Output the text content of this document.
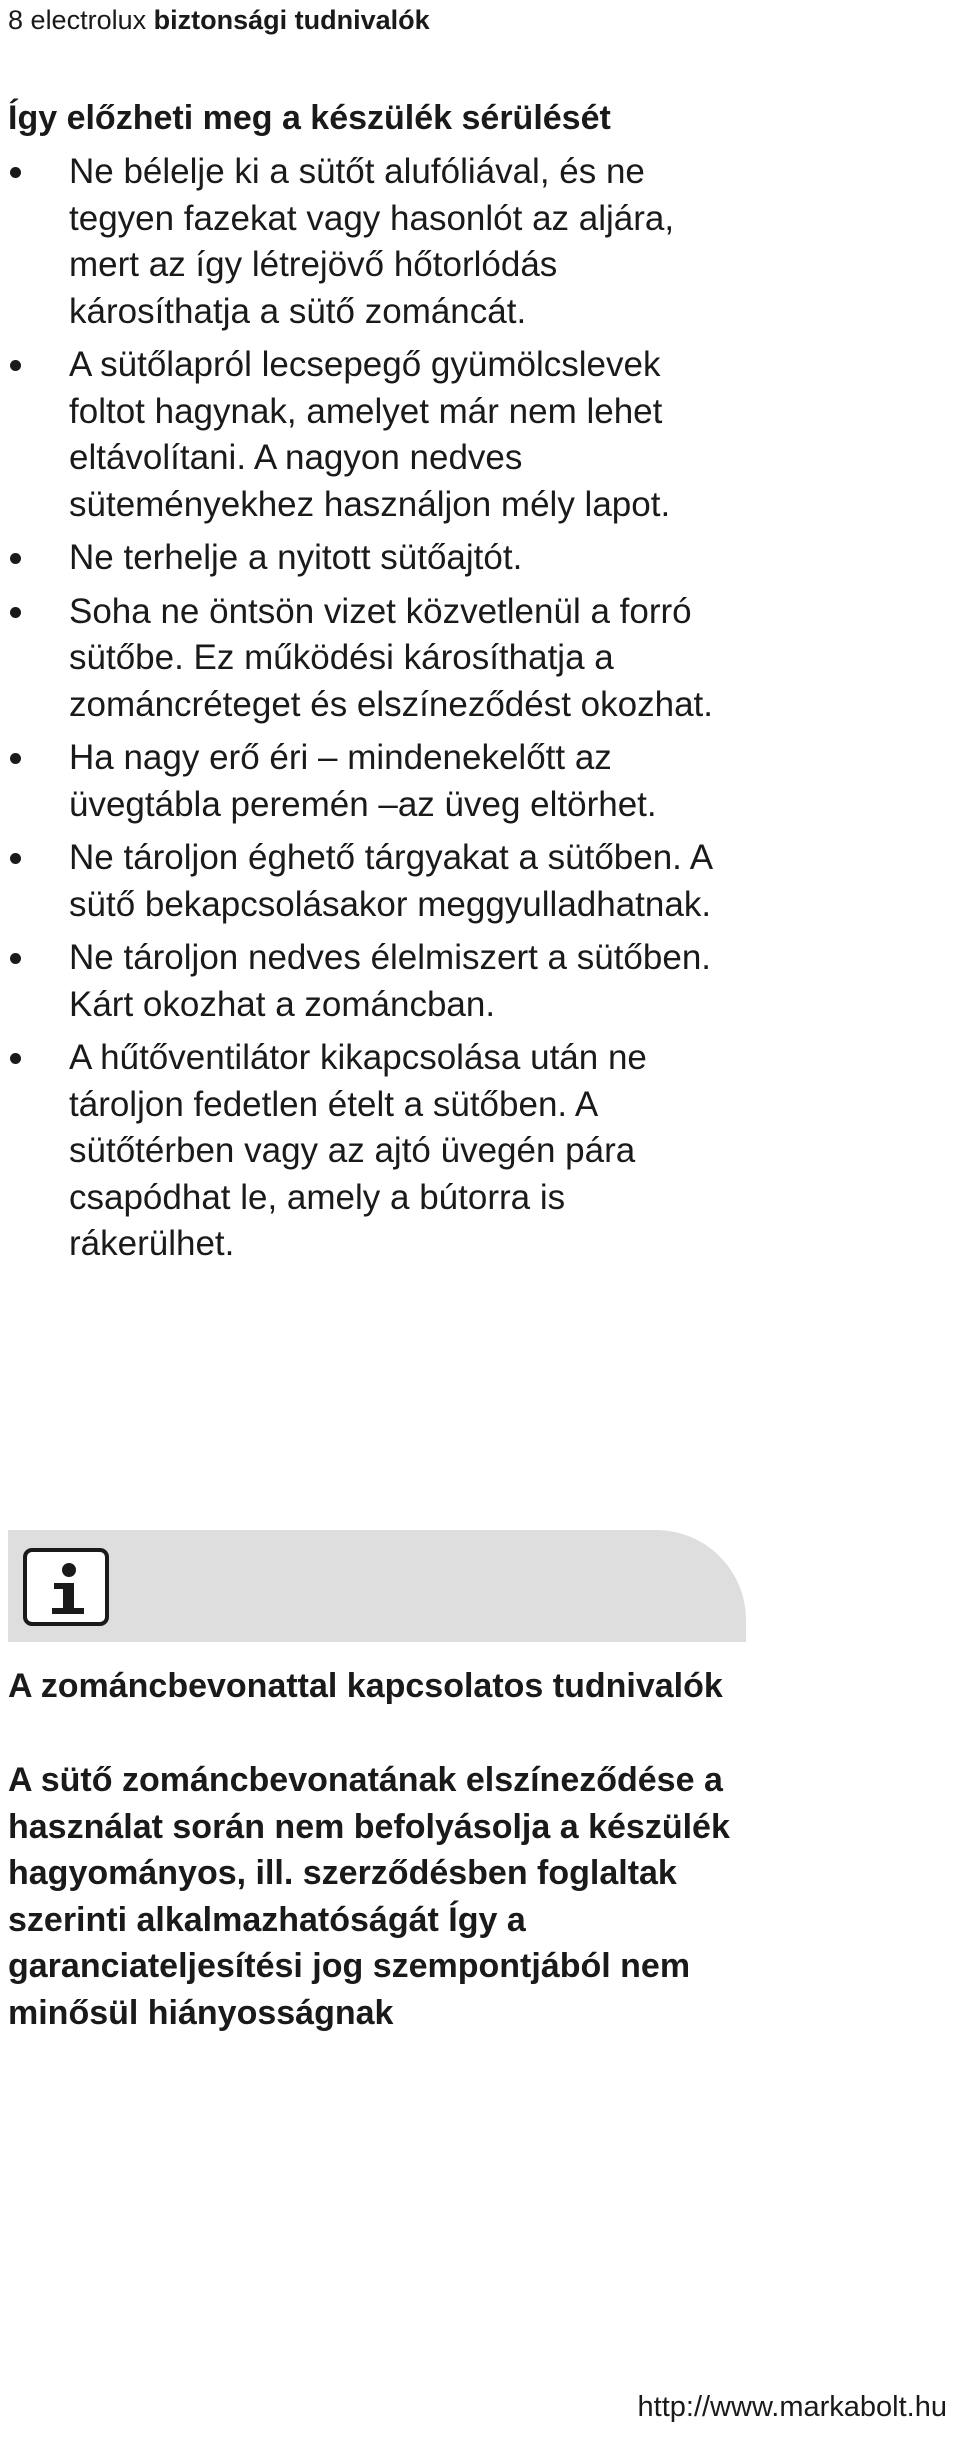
8 electrolux biztonsági tudnivalók
Így előzheti meg a készülék sérülését
Ne bélelje ki a sütőt alufóliával, és ne tegyen fazekat vagy hasonlót az aljára, mert az így létrejövő hőtorlódás károsíthatja a sütő zománcát.
A sütőlapról lecsepegő gyümölcslevek foltot hagynak, amelyet már nem lehet eltávolítani. A nagyon nedves süteményekhez használjon mély lapot.
Ne terhelje a nyitott sütőajtót.
Soha ne öntsön vizet közvetlenül a forró sütőbe. Ez működési károsíthatja a zománcréteget és elszíneződést okozhat.
Ha nagy erő éri – mindenekelőtt az üvegtábla peremén –az üveg eltörhet.
Ne tároljon éghető tárgyakat a sütőben. A sütő bekapcsolásakor meggyulladhatnak.
Ne tároljon nedves élelmiszert a sütőben. Kárt okozhat a zománcban.
A hűtőventilátor kikapcsolása után ne tároljon fedetlen ételt a sütőben. A sütőtérben vagy az ajtó üvegén pára csapódhat le, amely a bútorra is rákerülhet.
A zománcbevonattal kapcsolatos tudnivalók

A sütő zománcbevonatának elszíneződése a használat során nem befolyásolja a készülék hagyományos, ill. szerződésben foglaltak szerinti alkalmazhatóságát Így a garanciateljesítési jog szempontjából nem minősül hiányosságnak

http://www.markabolt.hu
